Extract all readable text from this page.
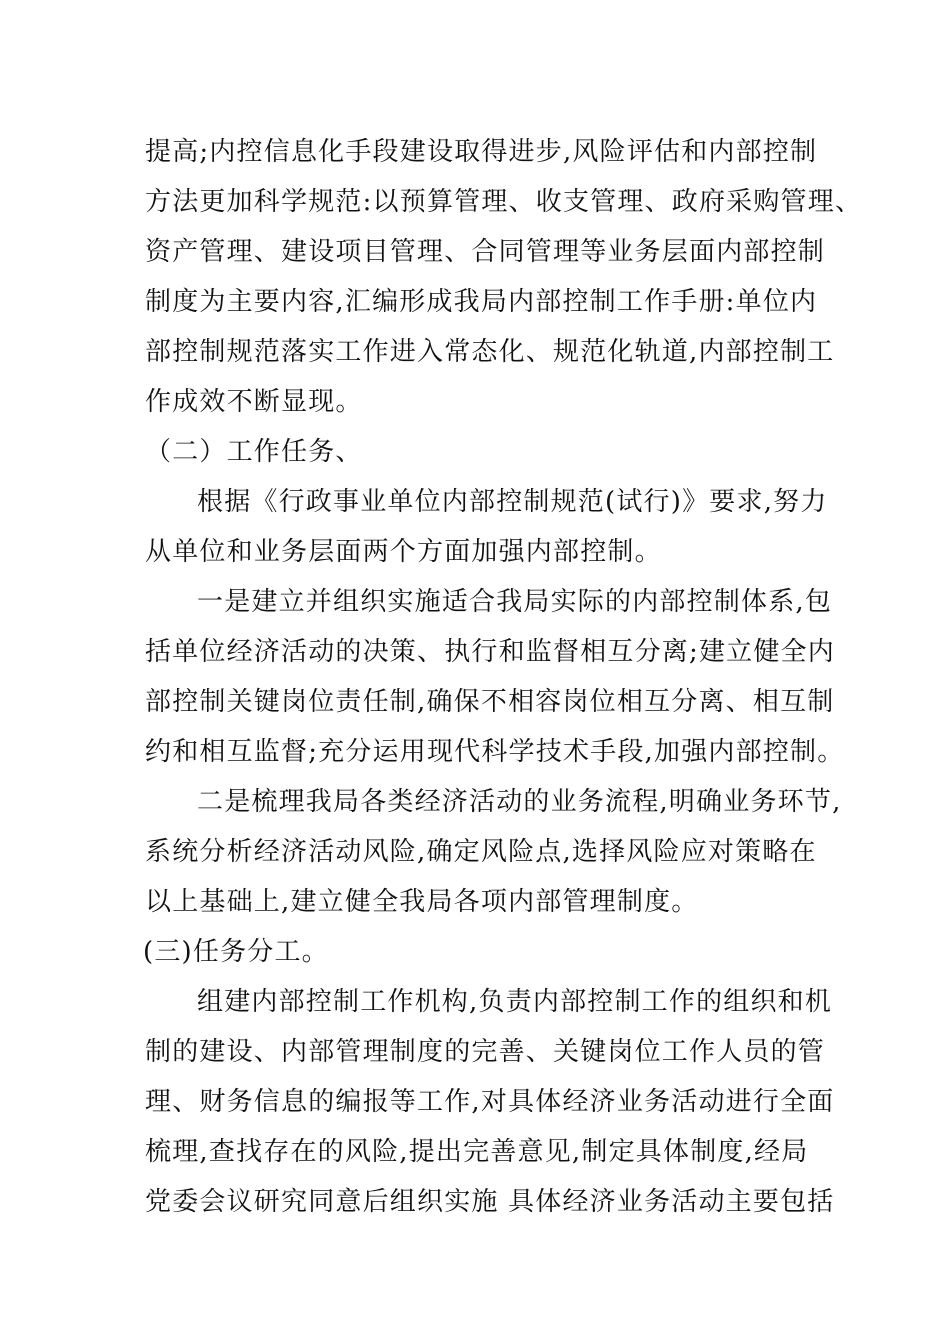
提高;内控信息化手段建设取得进步,风险评估和内部控制
方法更加科学规范:以预算管理、收支管理、政府采购管理、
资产管理、建设项目管理、合同管理等业务层面内部控制
制度为主要内容,汇编形成我局内部控制工作手册:单位内
部控制规范落实工作进入常态化、规范化轨道,内部控制工
作成效不断显现。
（二）工作任务、
根据《行政事业单位内部控制规范(试行)》要求,努力
从单位和业务层面两个方面加强内部控制。
一是建立并组织实施适合我局实际的内部控制体系,包
括单位经济活动的决策、执行和监督相互分离;建立健全内
部控制关键岗位责任制,确保不相容岗位相互分离、相互制
约和相互监督;充分运用现代科学技术手段,加强内部控制。
二是梳理我局各类经济活动的业务流程,明确业务环节,
系统分析经济活动风险,确定风险点,选择风险应对策略在
以上基础上,建立健全我局各项内部管理制度。
(三)任务分工。
组建内部控制工作机构,负责内部控制工作的组织和机
制的建设、内部管理制度的完善、关键岗位工作人员的管
理、财务信息的编报等工作,对具体经济业务活动进行全面
梳理,查找存在的风险,提出完善意见,制定具体制度,经局
党委会议研究同意后组织实施 具体经济业务活动主要包括
